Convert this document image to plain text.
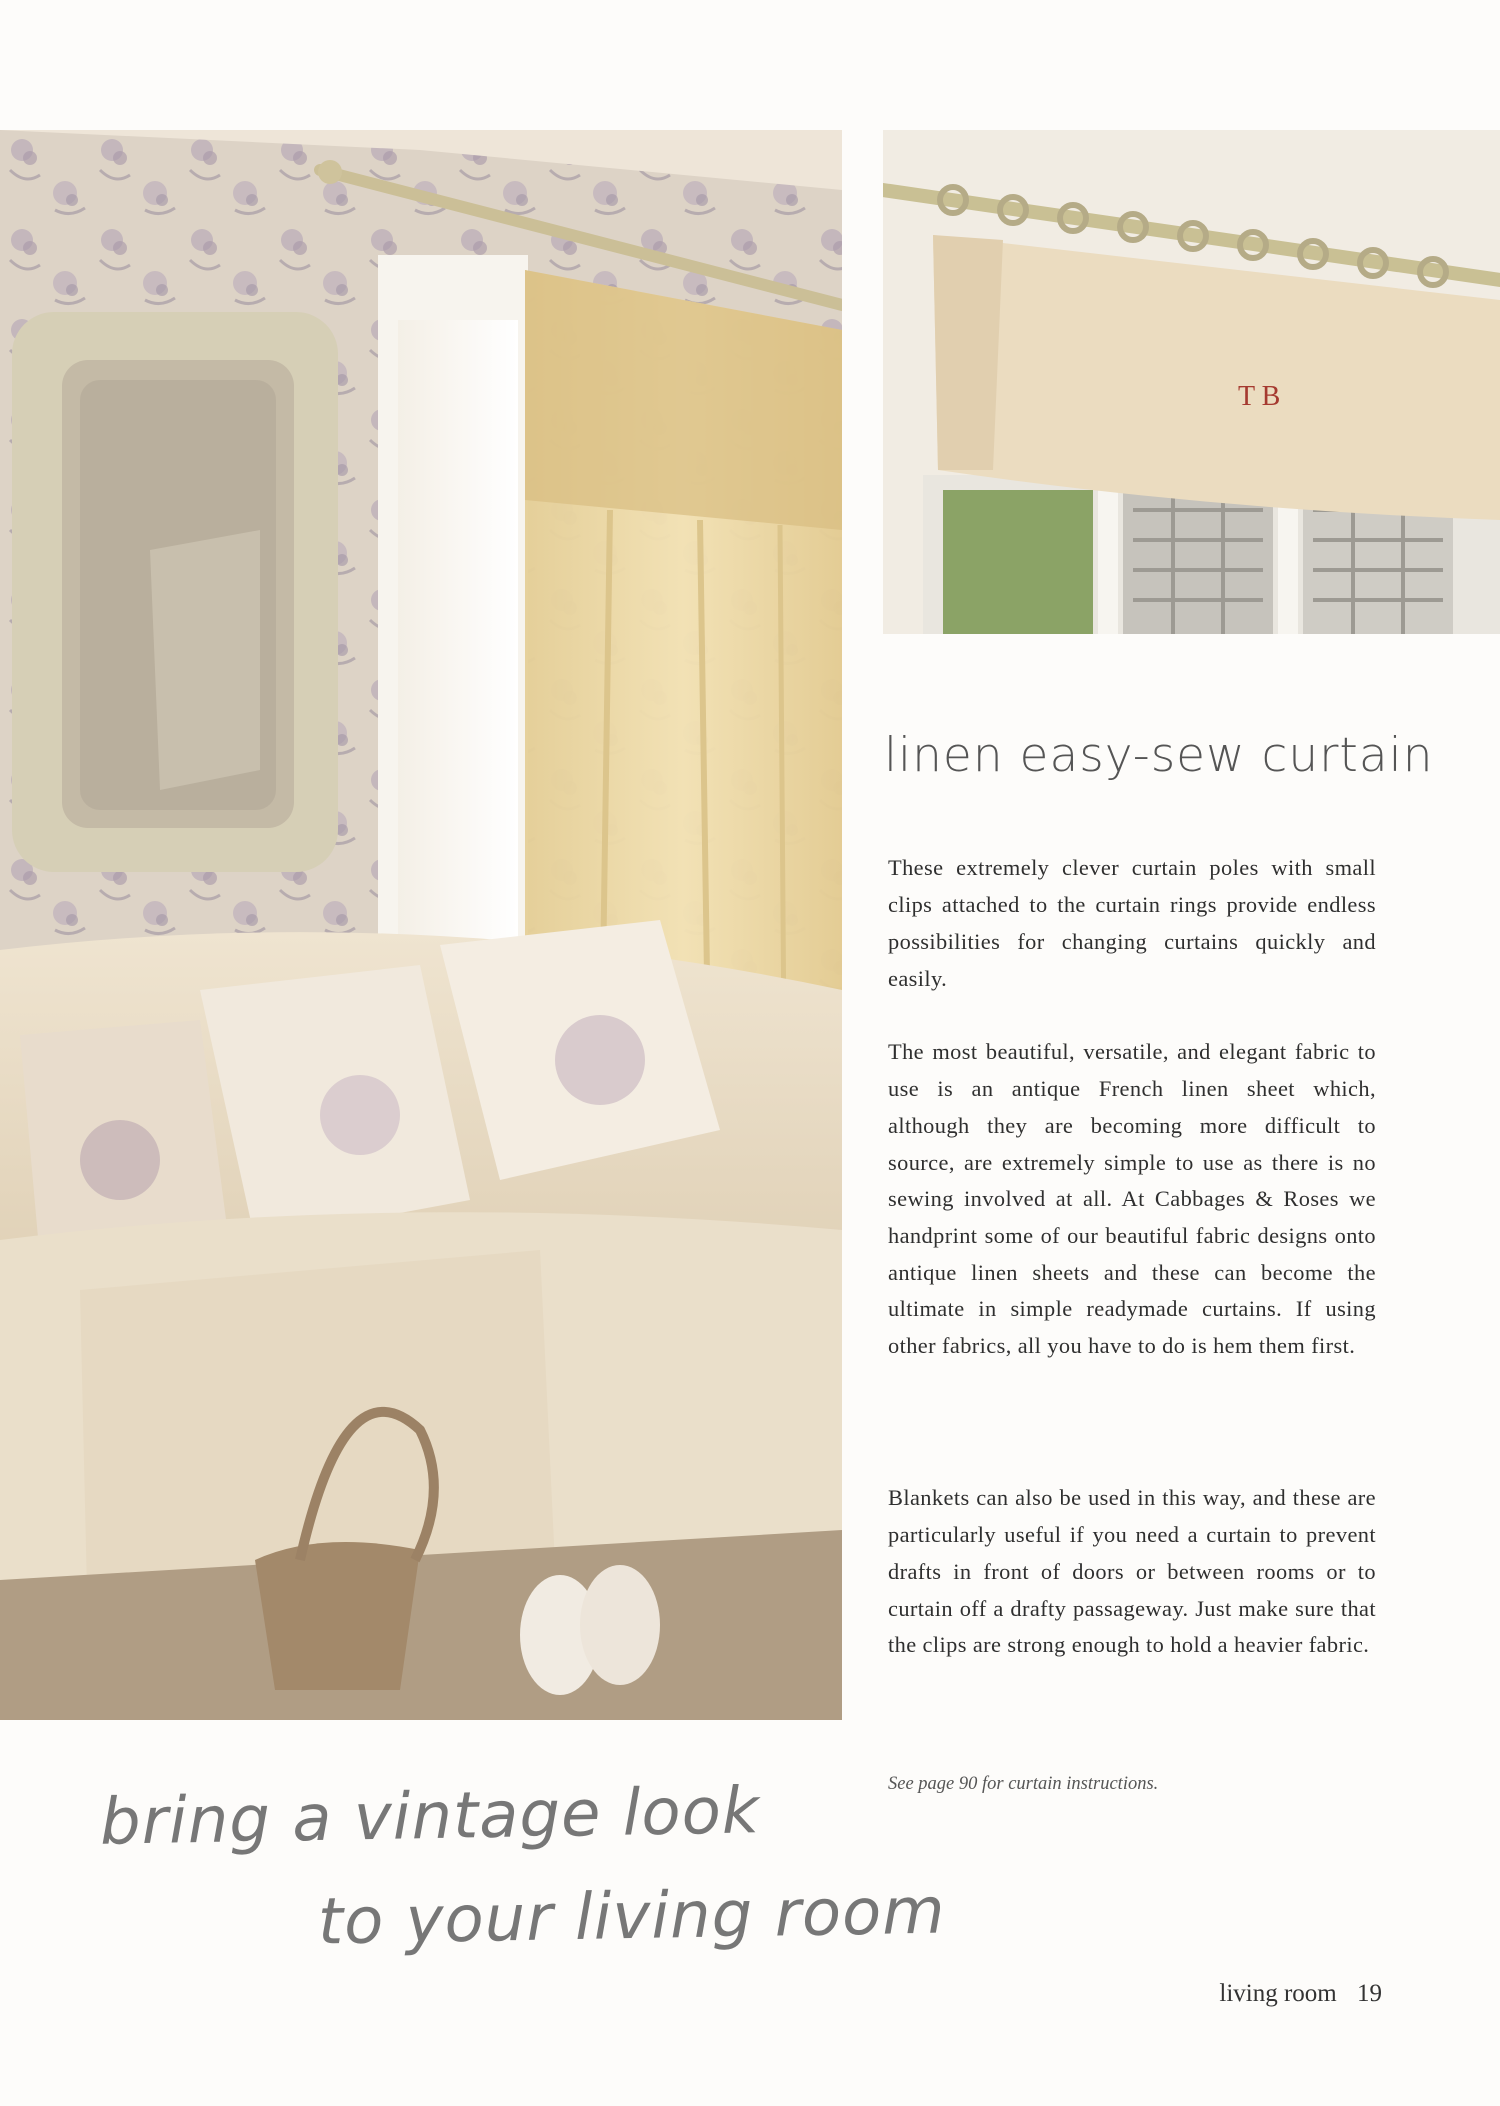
T B
linen easy-sew curtain

These extremely clever curtain poles with small clips attached to the curtain rings provide endless possibilities for changing curtains quickly and easily.

The most beautiful, versatile, and elegant fabric to use is an antique French linen sheet which, although they are becoming more difficult to source, are extremely simple to use as there is no sewing involved at all. At Cabbages & Roses we handprint some of our beautiful fabric designs onto antique linen sheets and these can become the ultimate in simple readymade curtains. If using other fabrics, all you have to do is hem them first.

Blankets can also be used in this way, and these are particularly useful if you need a curtain to prevent drafts in front of doors or between rooms or to curtain off a drafty passageway. Just make sure that the clips are strong enough to hold a heavier fabric.

See page 90 for curtain instructions.
bring a vintage look
to your living room
living room 19
